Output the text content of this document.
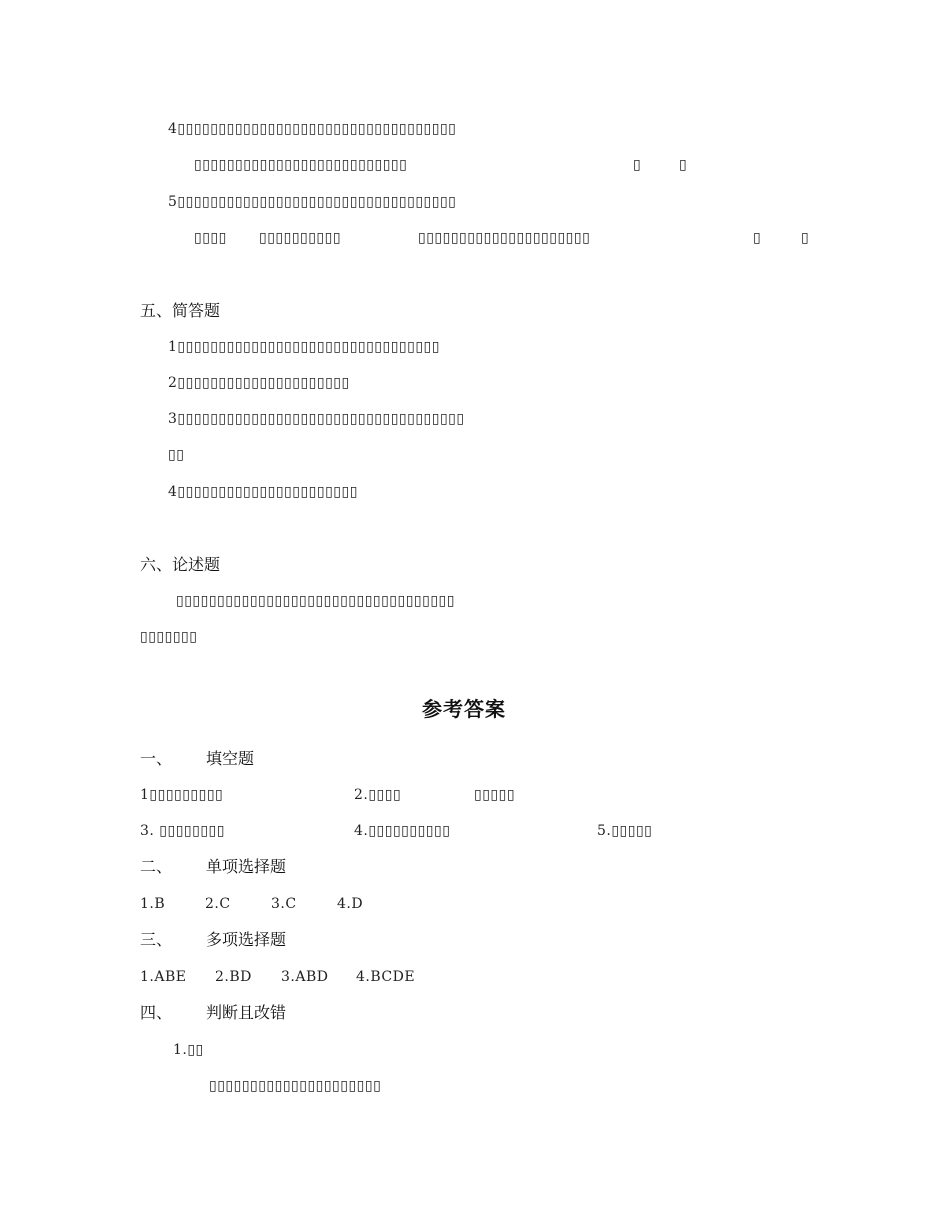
4▯▯▯▯▯▯▯▯▯▯▯▯▯▯▯▯▯▯▯▯▯▯▯▯▯▯▯▯▯▯▯▯▯▯
▯▯▯▯▯▯▯▯▯▯▯▯▯▯▯▯▯▯▯▯▯▯▯▯▯▯	▯	▯
5▯▯▯▯▯▯▯▯▯▯▯▯▯▯▯▯▯▯▯▯▯▯▯▯▯▯▯▯▯▯▯▯▯▯
▯▯▯▯ ▯▯▯▯▯▯▯▯▯▯	▯▯▯▯▯▯▯▯▯▯▯▯▯▯▯▯▯▯▯▯▯	▯	▯
五、简答题
1▯▯▯▯▯▯▯▯▯▯▯▯▯▯▯▯▯▯▯▯▯▯▯▯▯▯▯▯▯▯▯▯
2▯▯▯▯▯▯▯▯▯▯▯▯▯▯▯▯▯▯▯▯▯
3▯▯▯▯▯▯▯▯▯▯▯▯▯▯▯▯▯▯▯▯▯▯▯▯▯▯▯▯▯▯▯▯▯▯▯
▯▯
4▯▯▯▯▯▯▯▯▯▯▯▯▯▯▯▯▯▯▯▯▯▯
六、论述题
▯▯▯▯▯▯▯▯▯▯▯▯▯▯▯▯▯▯▯▯▯▯▯▯▯▯▯▯▯▯▯▯▯▯
▯▯▯▯▯▯▯
参考答案
一、 填空题
1▯▯▯▯▯▯▯▯▯	2.▯▯▯▯	▯▯▯▯▯
3. ▯▯▯▯▯▯▯▯	4.▯▯▯▯▯▯▯▯▯▯	5.▯▯▯▯▯
二、 单项选择题
1.B	2.C	3.C	4.D
三、 多项选择题
1.ABE 2.BD 3.ABD 4.BCDE
四、 判断且改错
1.▯▯
▯▯▯▯▯▯▯▯▯▯▯▯▯▯▯▯▯▯▯▯▯
